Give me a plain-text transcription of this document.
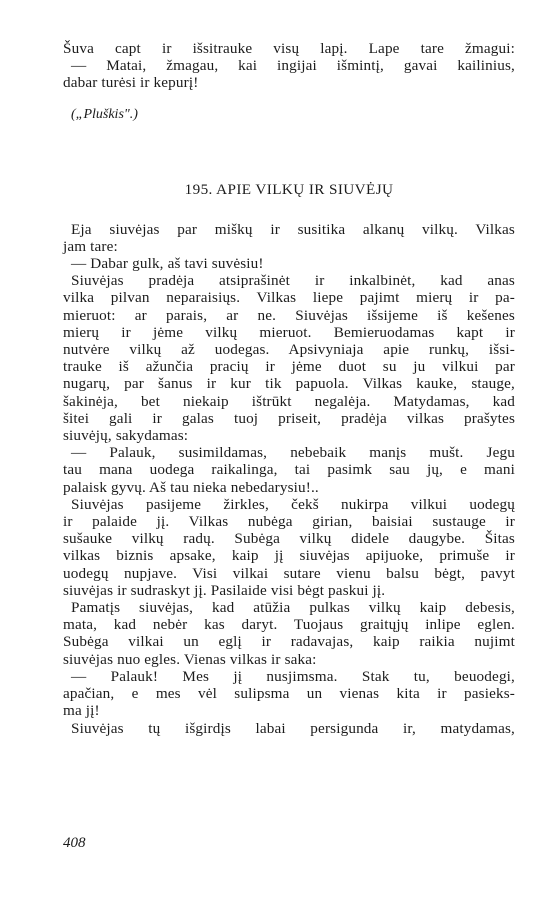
Šuva capt ir išsitrauke visų lapį. Lape tare žmagui:
— Matai, žmagau, kai ingijai išmintį, gavai kailinius,
dabar turėsi ir kepurį!
(„Pluškis".)
195. APIE VILKŲ IR SIUVĖJŲ
Eja siuvėjas par miškų ir susitika alkanų vilkų. Vilkas
jam tare:
— Dabar gulk, aš tavi suvėsiu!
Siuvėjas pradėja atsiprašinėt ir inkalbinėt, kad anas
vilka pilvan neparaisiųs. Vilkas liepe pajimt mierų ir pa-
mieruot: ar parais, ar ne. Siuvėjas išsijeme iš kešenes
mierų ir jėme vilkų mieruot. Bemieruodamas kapt ir
nutvėre vilkų až uodegas. Apsivyniaja apie runkų, išsi-
trauke iš ažunčia pracių ir jėme duot su ju vilkui par
nugarų, par šanus ir kur tik papuola. Vilkas kauke, stauge,
šakinėja, bet niekaip ištrūkt negalėja. Matydamas, kad
šitei gali ir galas tuoj priseit, pradėja vilkas prašytes
siuvėjų, sakydamas:
— Palauk, susimildamas, nebebaik manįs mušt. Jegu
tau mana uodega raikalinga, tai pasimk sau jų, e mani
palaisk gyvų. Aš tau nieka nebedarysiu!..
Siuvėjas pasijeme žirkles, čekš nukirpa vilkui uodegų
ir palaide jį. Vilkas nubėga girian, baisiai sustauge ir
sušauke vilkų radų. Subėga vilkų didele daugybe. Šitas
vilkas biznis apsake, kaip jį siuvėjas apijuoke, primuše ir
uodegų nupjave. Visi vilkai sutare vienu balsu bėgt, pavyt
siuvėjas ir sudraskyt jį. Pasilaide visi bėgt paskui jį.
Pamatįs siuvėjas, kad atūžia pulkas vilkų kaip debesis,
mata, kad nebėr kas daryt. Tuojaus graitųjų inlipe eglen.
Subėga vilkai un eglį ir radavajas, kaip raikia nujimt
siuvėjas nuo egles. Vienas vilkas ir saka:
— Palauk! Mes jį nusjimsma. Stak tu, beuodegi,
apačian, e mes vėl sulipsma un vienas kita ir pasieks-
ma jį!
Siuvėjas tų išgirdįs labai persigunda ir, matydamas,
408
